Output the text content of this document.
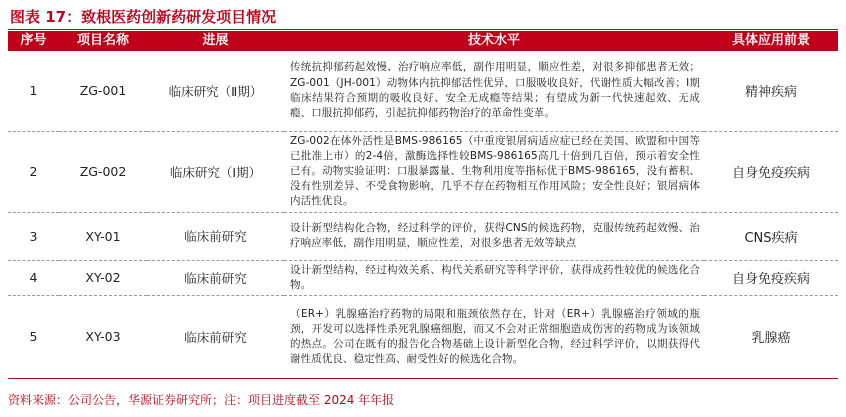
图表 17：致根医药创新药研发项目情况
序号	项目名称	进展	技术水平	具体应用前景
1	ZG-001	临床研究（Ⅱ期）	传统抗抑郁药起效慢、治疗响应率低，副作用明显，顺应性差，对很多抑郁患者无效；ZG-001（JH-001）动物体内抗抑郁活性优异，口服吸收良好，代谢性质大幅改善；Ⅰ期临床结果符合预期的吸收良好、安全无成瘾等结果；有望成为新一代快速起效、无成瘾、口服抗抑郁药，引起抗抑郁药物治疗的革命性变革。	精神疾病
2	ZG-002	临床研究（Ⅰ期）	ZG-002在体外活性是BMS-986165（中重度银屑病适应症已经在美国、欧盟和中国等已批准上市）的2-4倍，激酶选择性较BMS-986165高几十倍到几百倍，预示着安全性已有。动物实验证明：口服暴露量、生物利用度等指标优于BMS-986165，没有蓄积、没有性别差异、不受食物影响，几乎不存在药物相互作用风险；安全性良好；银屑病体内活性优良。	自身免疫疾病
3	XY-01	临床前研究	设计新型结构化合物，经过科学的评价，获得CNS的候选药物，克服传统药起效慢、治疗响应率低，副作用明显，顺应性差，对很多患者无效等缺点	CNS疾病
4	XY-02	临床前研究	设计新型结构，经过构效关系、构代关系研究等科学评价，获得成药性较优的候选化合物。	自身免疫疾病
5	XY-03	临床前研究	（ER+）乳腺癌治疗药物的局限和瓶颈依然存在，针对（ER+）乳腺癌治疗领域的瓶颈，开发可以选择性杀死乳腺癌细胞，而又不会对正常细胞造成伤害的药物成为该领域的热点。公司在既有的报告化合物基础上设计新型化合物，经过科学评价，以期获得代谢性质优良、稳定性高、耐受性好的候选化合物。	乳腺癌
资料来源：公司公告，华源证券研究所；注：项目进度截至 2024 年年报
